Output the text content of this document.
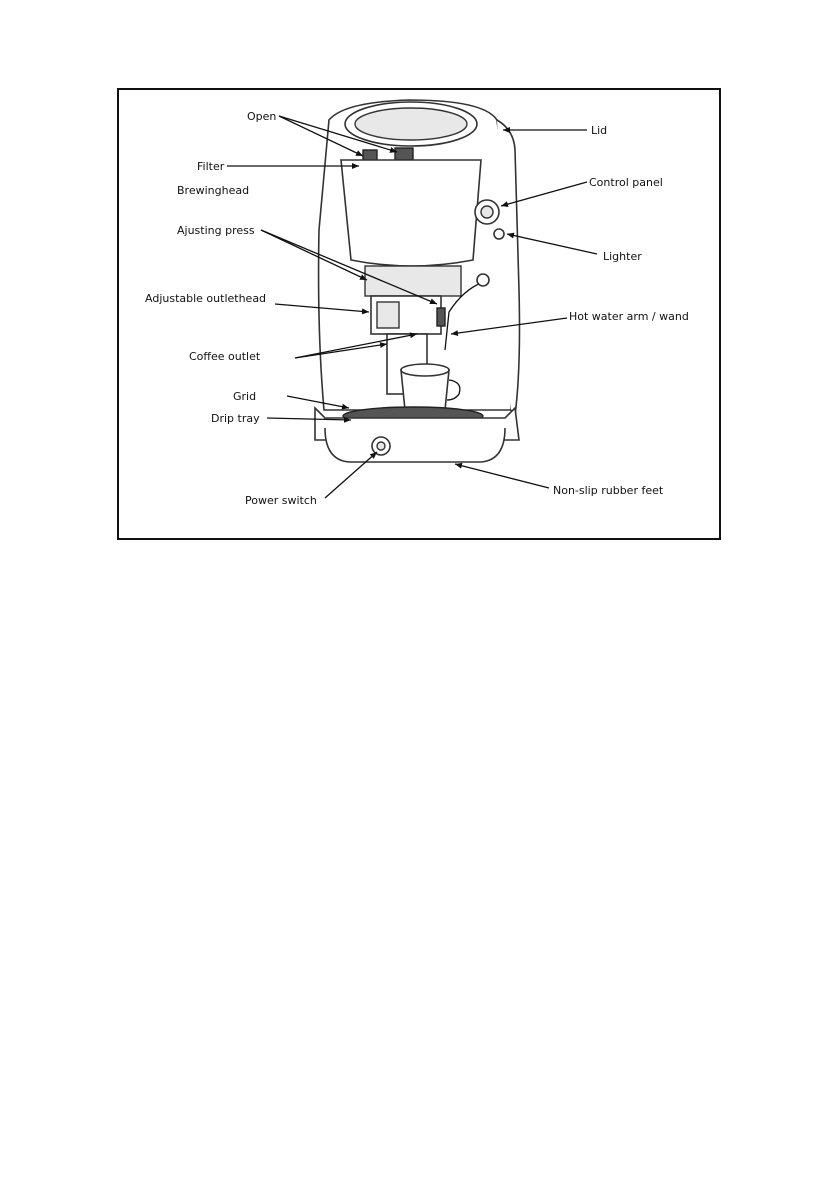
Open
Filter
Brewinghead
Ajusting press
Adjustable outlethead
Coffee outlet
Grid
Drip tray
Power switch
Lid
Control panel
Lighter
Hot water arm / wand
Non-slip rubber feet
